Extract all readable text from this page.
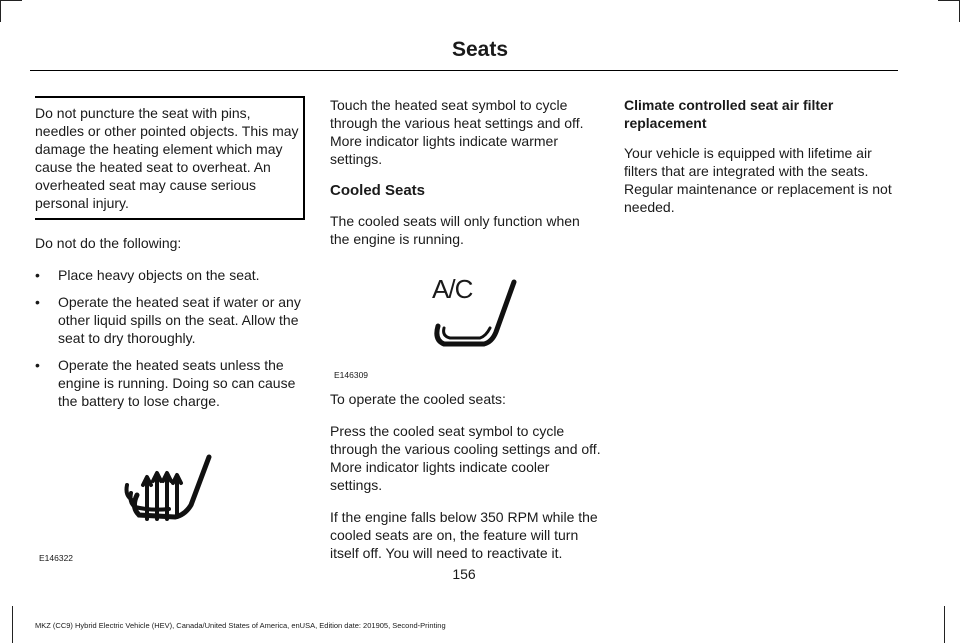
Seats
Do not puncture the seat with pins, needles or other pointed objects. This may damage the heating element which may cause the heated seat to overheat. An overheated seat may cause serious personal injury.

Do not do the following:

• Place heavy objects on the seat.
• Operate the heated seat if water or any other liquid spills on the seat. Allow the seat to dry thoroughly.
• Operate the heated seats unless the engine is running. Doing so can cause the battery to lose charge.
E146322

Touch the heated seat symbol to cycle through the various heat settings and off. More indicator lights indicate warmer settings.

Cooled Seats

The cooled seats will only function when the engine is running.

A/C
E146309

To operate the cooled seats:

Press the cooled seat symbol to cycle through the various cooling settings and off. More indicator lights indicate cooler settings.

If the engine falls below 350 RPM while the cooled seats are on, the feature will turn itself off. You will need to reactivate it.

Climate controlled seat air filter replacement

Your vehicle is equipped with lifetime air filters that are integrated with the seats. Regular maintenance or replacement is not needed.

156
MKZ (CC9) Hybrid Electric Vehicle (HEV), Canada/United States of America, enUSA, Edition date: 201905, Second-Printing
